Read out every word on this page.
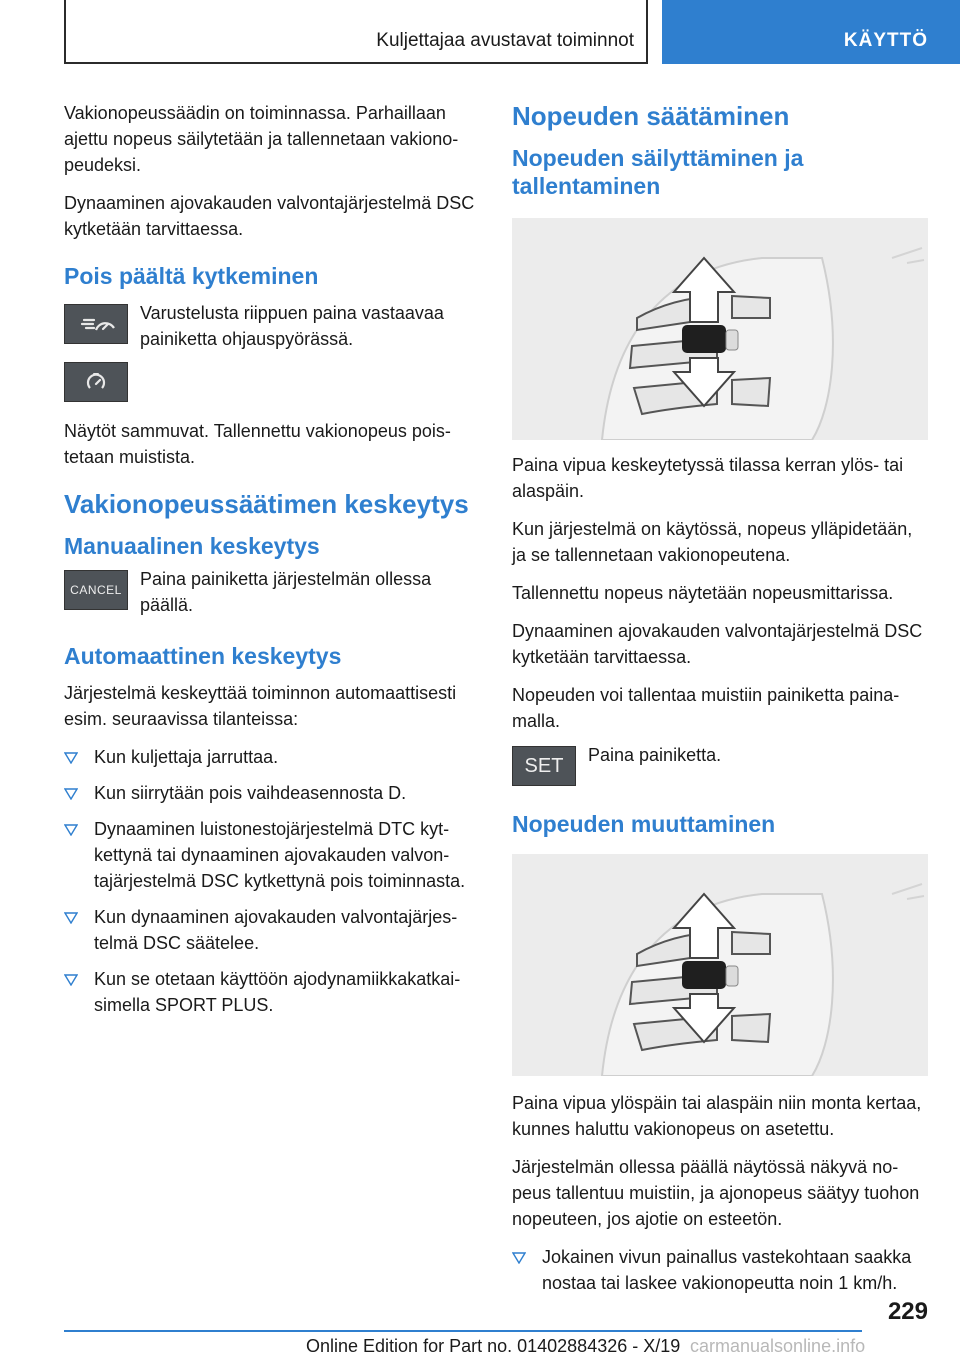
Kuljettajaa avustavat toiminnot	KÄYTTÖ

Vakionopeussäädin on toiminnassa. Parhaillaan ajettu nopeus säilytetään ja tallennetaan vakionopeudeksi.

Dynaaminen ajovakauden valvontajärjestelmä DSC kytketään tarvittaessa.

Pois päältä kytkeminen
Varustelusta riippuen paina vastaavaa painiketta ohjauspyörässä.

Näytöt sammuvat. Tallennettu vakionopeus poistetaan muistista.

Vakionopeussäätimen keskeytys
Manuaalinen keskeytys
CANCEL
Paina painiketta järjestelmän ollessa päällä.
Automaattinen keskeytys

Järjestelmä keskeyttää toiminnon automaattisesti esim. seuraavissa tilanteissa:

Kun kuljettaja jarruttaa.
Kun siirrytään pois vaihdeasennosta D.
Dynaaminen luistonestojärjestelmä DTC kytkettynä tai dynaaminen ajovakauden valvontajärjestelmä DSC kytkettynä pois toiminnasta.
Kun dynaaminen ajovakauden valvontajärjestelmä DSC säätelee.
Kun se otetaan käyttöön ajodynamiikkakatkaisimella SPORT PLUS.
Nopeuden säätäminen
Nopeuden säilyttäminen ja tallentaminen

Paina vipua keskeytetyssä tilassa kerran ylös- tai alaspäin.

Kun järjestelmä on käytössä, nopeus ylläpidetään, ja se tallennetaan vakionopeutena.

Tallennettu nopeus näytetään nopeusmittarissa.

Dynaaminen ajovakauden valvontajärjestelmä DSC kytketään tarvittaessa.

Nopeuden voi tallentaa muistiin painiketta painamalla.

SET Paina painiketta.
Nopeuden muuttaminen

Paina vipua ylöspäin tai alaspäin niin monta kertaa, kunnes haluttu vakionopeus on asetettu.

Järjestelmän ollessa päällä näytössä näkyvä nopeus tallentuu muistiin, ja ajonopeus säätyy tuohon nopeuteen, jos ajotie on esteetön.

Jokainen vivun painallus vastekohtaan saakka nostaa tai laskee vakionopeutta noin 1 km/h.
229
Online Edition for Part no. 01402884326 - X/19 carmanualsonline.info
